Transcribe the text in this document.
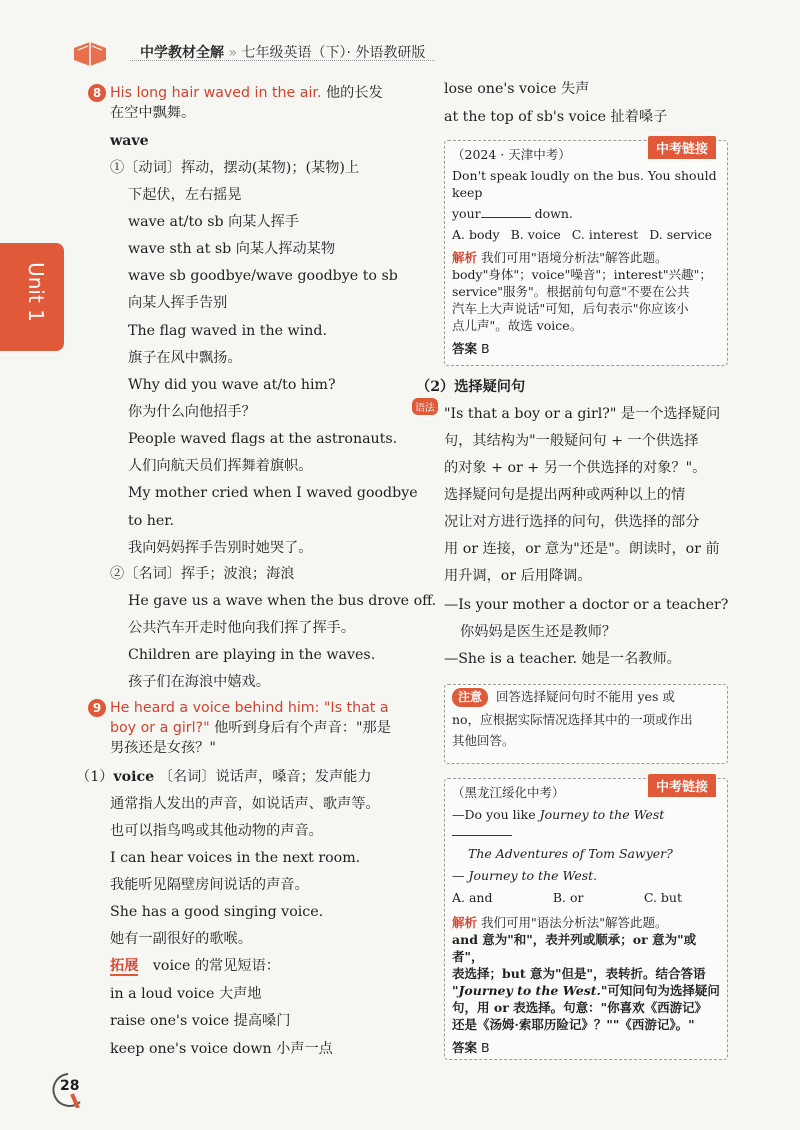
中学教材全解 » 七年级英语（下）· 外语教研版
Unit 1
8 His long hair waved in the air. 他的长发
在空中飘舞。
wave
①〔动词〕挥动，摆动(某物)；(某物)上
下起伏，左右摇晃
wave at/to sb 向某人挥手
wave sth at sb 向某人挥动某物
wave sb goodbye/wave goodbye to sb
向某人挥手告别
The flag waved in the wind.
旗子在风中飘扬。
Why did you wave at/to him?
你为什么向他招手？
People waved flags at the astronauts.
人们向航天员们挥舞着旗帜。
My mother cried when I waved goodbye
to her.
我向妈妈挥手告别时她哭了。
②〔名词〕挥手；波浪；海浪
He gave us a wave when the bus drove off.
公共汽车开走时他向我们挥了挥手。
Children are playing in the waves.
孩子们在海浪中嬉戏。
9 He heard a voice behind him: "Is that a
boy or a girl?" 他听到身后有个声音："那是
男孩还是女孩？"
（1）voice 〔名词〕说话声，嗓音；发声能力
通常指人发出的声音，如说话声、歌声等。
也可以指鸟鸣或其他动物的声音。
I can hear voices in the next room.
我能听见隔壁房间说话的声音。
She has a good singing voice.
她有一副很好的歌喉。
拓展 voice 的常见短语：
in a loud voice 大声地
raise one's voice 提高嗓门
keep one's voice down 小声一点
lose one's voice 失声
at the top of sb's voice 扯着嗓子
中考链接
（2024 · 天津中考）
Don't speak loudly on the bus. You should keep
your	down.
A. body B. voice C. interest D. service
解析 我们可用"语境分析法"解答此题。
body"身体"；voice"噪音"；interest"兴趣"；
service"服务"。根据前句句意"不要在公共
汽车上大声说话"可知，后句表示"你应该小
点儿声"。故选 voice。
答案 B
（2）选择疑问句
语法 "Is that a boy or a girl?" 是一个选择疑问
句，其结构为"一般疑问句 + 一个供选择
的对象 + or + 另一个供选择的对象？"。
选择疑问句是提出两种或两种以上的情
况让对方进行选择的问句，供选择的部分
用 or 连接，or 意为"还是"。朗读时，or 前
用升调，or 后用降调。
—Is your mother a doctor or a teacher?
你妈妈是医生还是教师？
—She is a teacher. 她是一名教师。
注意 回答选择疑问句时不能用 yes 或
no，应根据实际情况选择其中的一项或作出
其他回答。
中考链接
（黑龙江绥化中考）
—Do you like Journey to the West
The Adventures of Tom Sawyer?
— Journey to the West.
A. and	B. or	C. but
解析 我们可用"语法分析法"解答此题。
and 意为"和"，表并列或顺承；or 意为"或者"，
表选择；but 意为"但是"，表转折。结合答语
"Journey to the West."可知问句为选择疑问
句，用 or 表选择。句意："你喜欢《西游记》
还是《汤姆·索耶历险记》？""《西游记》。"
答案 B
28
